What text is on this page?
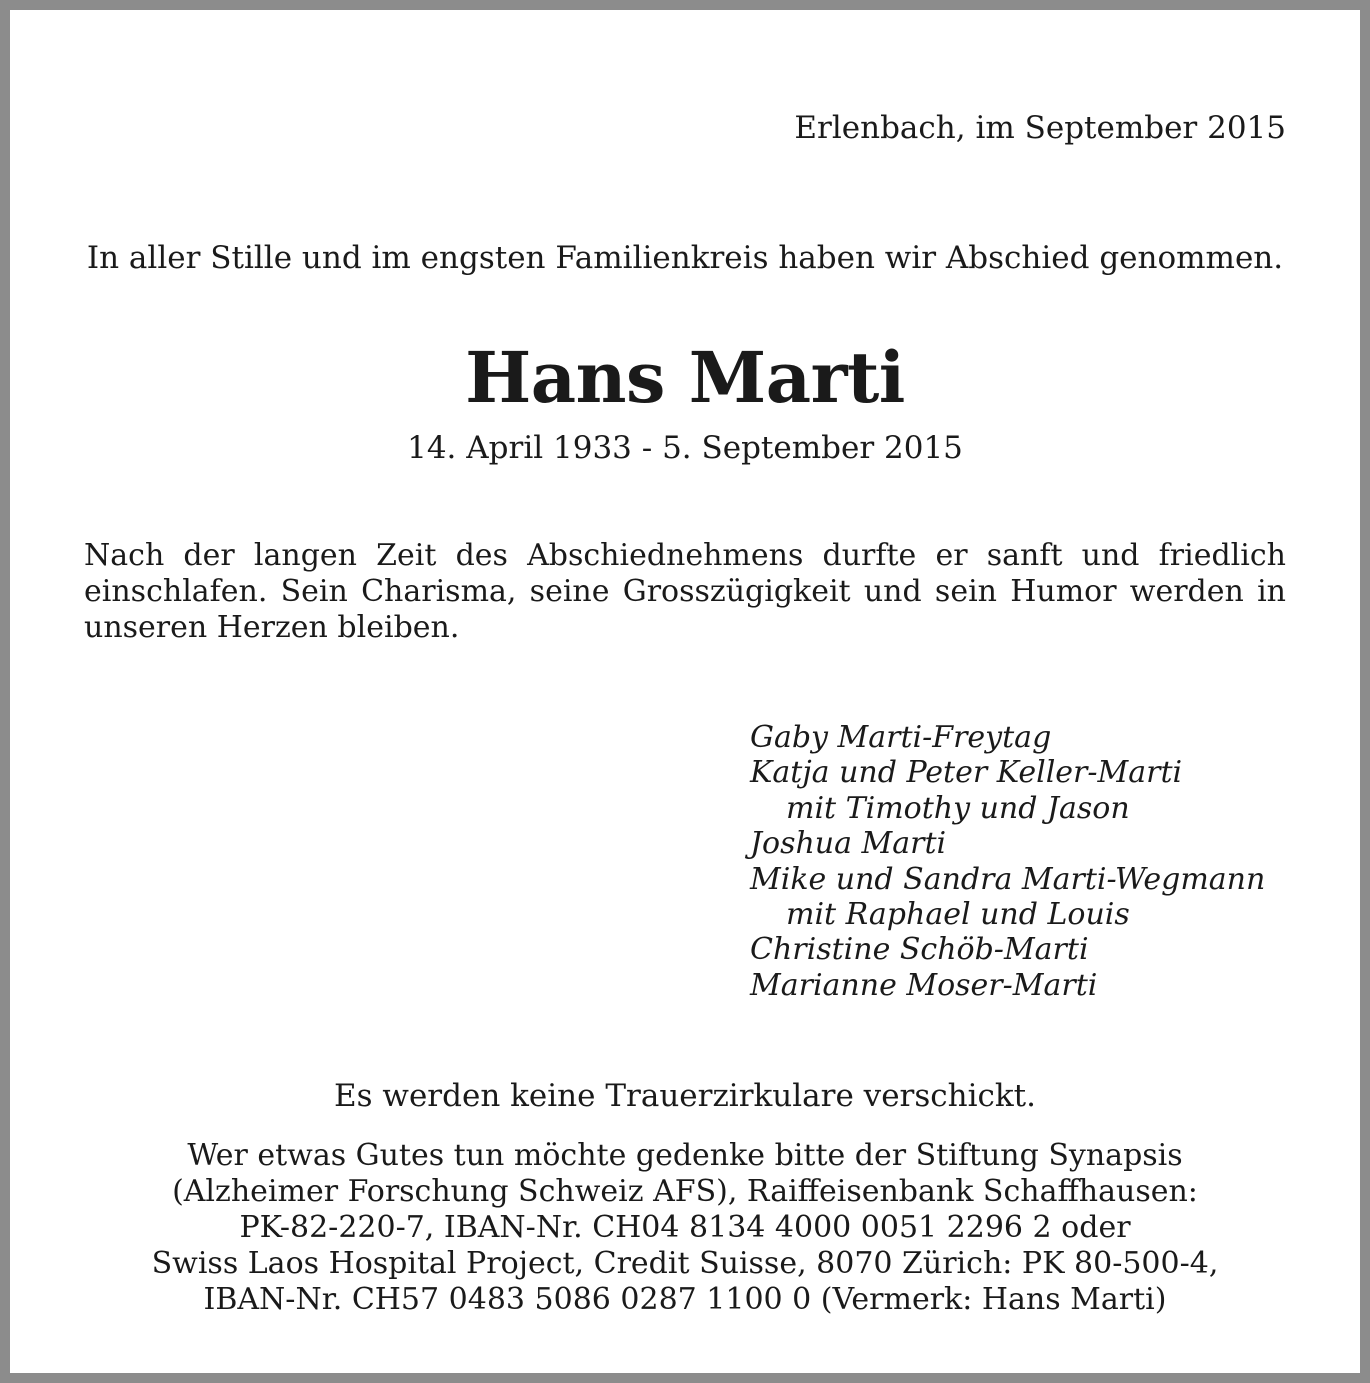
Erlenbach, im September 2015
In aller Stille und im engsten Familienkreis haben wir Abschied genommen.
Hans Marti
14. April 1933 - 5. September 2015

Nach der langen Zeit des Abschiednehmens durfte er sanft und friedlich einschlafen. Sein Charisma, seine Grosszügigkeit und sein Humor werden in unseren Herzen bleiben.

Gaby Marti-Freytag
Katja und Peter Keller-Marti
mit Timothy und Jason
Joshua Marti
Mike und Sandra Marti-Wegmann
mit Raphael und Louis
Christine Schöb-Marti
Marianne Moser-Marti
Es werden keine Trauerzirkulare verschickt.
Wer etwas Gutes tun möchte gedenke bitte der Stiftung Synapsis
(Alzheimer Forschung Schweiz AFS), Raiffeisenbank Schaffhausen:
PK-82-220-7, IBAN-Nr. CH04 8134 4000 0051 2296 2 oder
Swiss Laos Hospital Project, Credit Suisse, 8070 Zürich: PK 80-500-4,
IBAN-Nr. CH57 0483 5086 0287 1100 0 (Vermerk: Hans Marti)
